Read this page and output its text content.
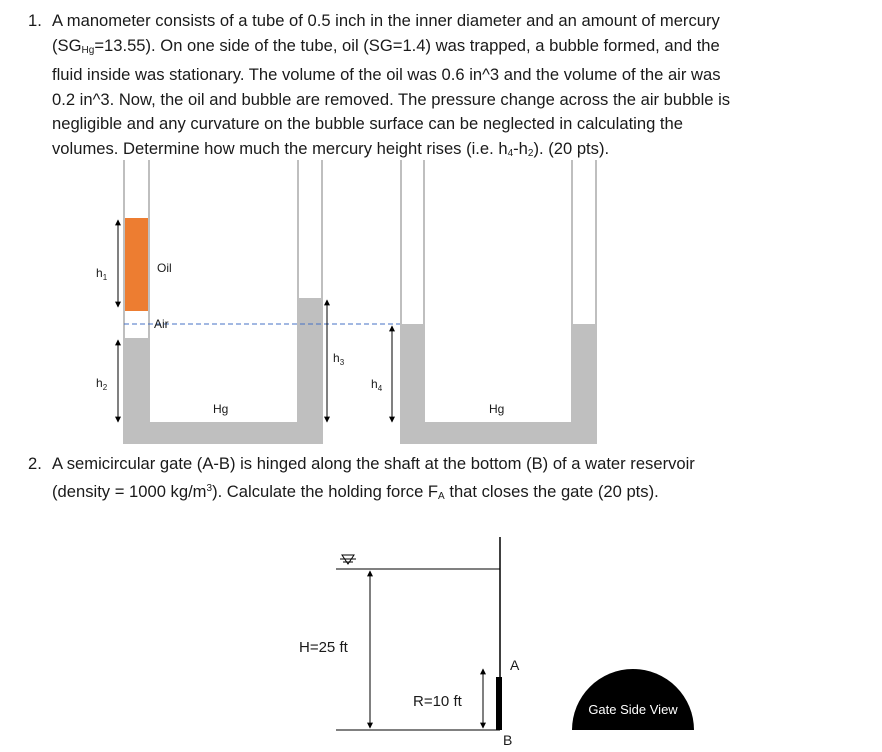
1. A manometer consists of a tube of 0.5 inch in the inner diameter and an amount of mercury
$(SG_{Hg}=13.55)$. On one side of the tube, oil (SG=1.4) was trapped, a bubble formed, and the
fluid inside was stationary. The volume of the oil was 0.6 in^3 and the volume of the air was
0.2 in^3. Now, the oil and bubble are removed. The pressure change across the air bubble is
negligible and any curvature on the bubble surface can be neglected in calculating the
volumes. Determine how much the mercury height rises (i.e. $h_4-h_2$). (20 pts).
2. A semicircular gate (A-B) is hinged along the shaft at the bottom (B) of a water reservoir
(density = 1000 $kg/m^3$). Calculate the holding force $F_A$ that closes the gate (20 pts).
$h_1$
$h_2$
$h_3$
Oil
Air
Hg
$h_4$
Hg
H=25 ft
R=10 ft
A
B
Gate Side View
